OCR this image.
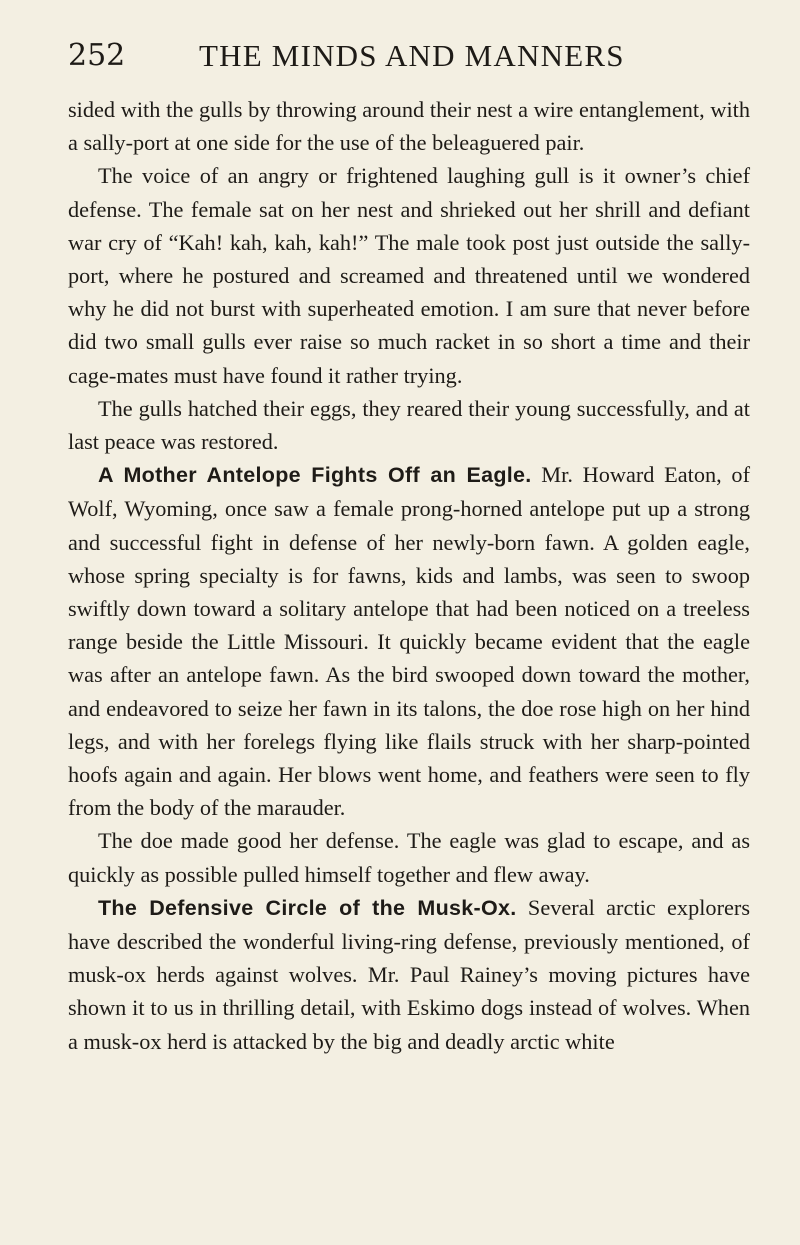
252 THE MINDS AND MANNERS

sided with the gulls by throwing around their nest a wire entanglement, with a sally-port at one side for the use of the beleaguered pair.

The voice of an angry or frightened laughing gull is it owner’s chief defense. The female sat on her nest and shrieked out her shrill and defiant war cry of “Kah! kah, kah, kah!” The male took post just outside the sally-port, where he postured and screamed and threatened until we wondered why he did not burst with superheated emotion. I am sure that never before did two small gulls ever raise so much racket in so short a time and their cage-mates must have found it rather trying.

The gulls hatched their eggs, they reared their young successfully, and at last peace was restored.

A Mother Antelope Fights Off an Eagle. Mr. Howard Eaton, of Wolf, Wyoming, once saw a female prong-horned antelope put up a strong and successful fight in defense of her newly-born fawn. A golden eagle, whose spring specialty is for fawns, kids and lambs, was seen to swoop swiftly down toward a solitary antelope that had been noticed on a treeless range beside the Little Missouri. It quickly became evident that the eagle was after an antelope fawn. As the bird swooped down toward the mother, and endeavored to seize her fawn in its talons, the doe rose high on her hind legs, and with her forelegs flying like flails struck with her sharp-pointed hoofs again and again. Her blows went home, and feathers were seen to fly from the body of the marauder.

The doe made good her defense. The eagle was glad to escape, and as quickly as possible pulled himself together and flew away.

The Defensive Circle of the Musk-Ox. Several arctic explorers have described the wonderful living-ring defense, previously mentioned, of musk-ox herds against wolves. Mr. Paul Rainey’s moving pictures have shown it to us in thrilling detail, with Eskimo dogs instead of wolves. When a musk-ox herd is attacked by the big and deadly arctic white
